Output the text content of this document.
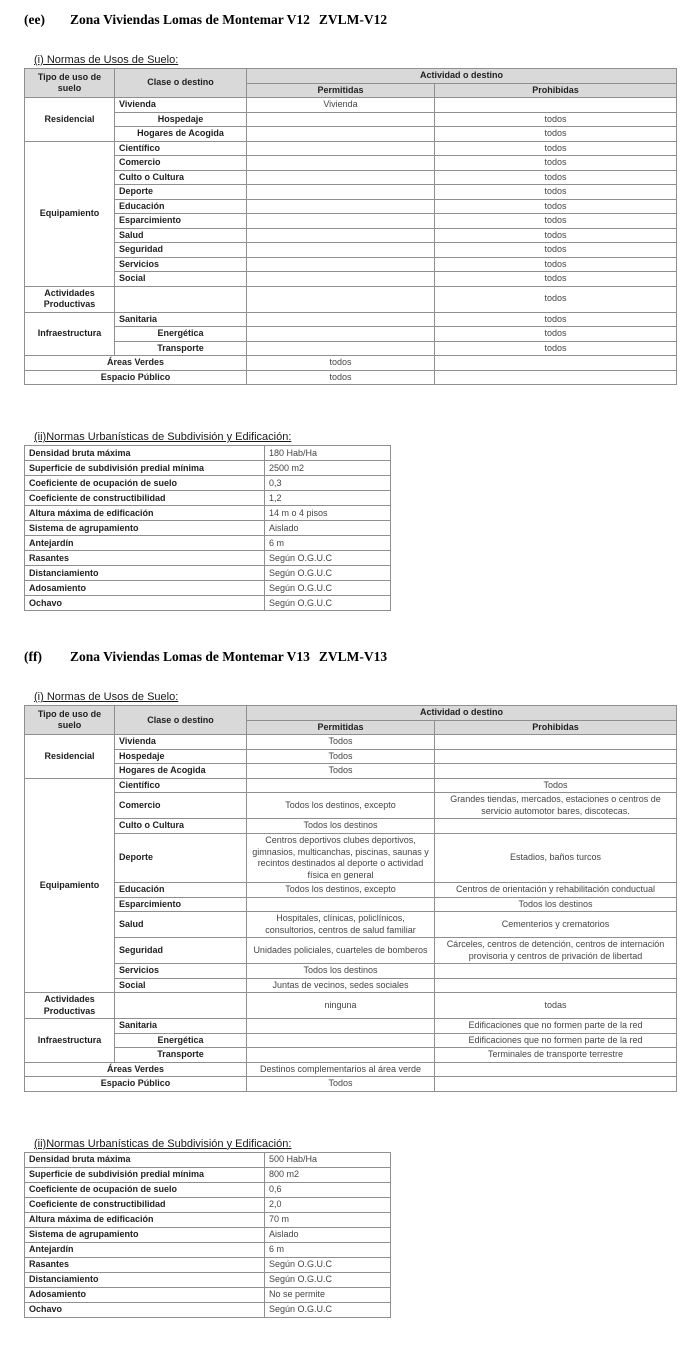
(ee)	Zona Viviendas Lomas de Montemar V12 ZVLM-V12
(i) Normas de Usos de Suelo:
Tipo de uso de suelo	Clase o destino	Actividad o destino	
		Permitidas	Prohibidas
Residencial	Vivienda	Vivienda	
	Hospedaje		todos
	Hogares de Acogida		todos
Equipamiento	Científico		todos
	Comercio		todos
	Culto o Cultura		todos
	Deporte		todos
	Educación		todos
	Esparcimiento		todos
	Salud		todos
	Seguridad		todos
	Servicios		todos
	Social		todos
Actividades Productivas			todos
Infraestructura	Sanitaria		todos
	Energética		todos
	Transporte		todos
Áreas Verdes		todos	
Espacio Público		todos	
(ii)Normas Urbanísticas de Subdivisión y Edificación:
Densidad bruta máxima	180 Hab/Ha
Superficie de subdivisión predial mínima	2500 m2
Coeficiente de ocupación de suelo	0,3
Coeficiente de constructibilidad	1,2
Altura máxima de edificación	14 m o 4 pisos
Sistema de agrupamiento	Aislado
Antejardín	6 m
Rasantes	Según O.G.U.C
Distanciamiento	Según O.G.U.C
Adosamiento	Según O.G.U.C
Ochavo	Según O.G.U.C
(ff)	Zona Viviendas Lomas de Montemar V13 ZVLM-V13
(i) Normas de Usos de Suelo:
Tipo de uso de suelo	Clase o destino	Actividad o destino	
		Permitidas	Prohibidas
Residencial	Vivienda	Todos	
	Hospedaje	Todos	
	Hogares de Acogida	Todos	
Equipamiento	Científico		Todos
	Comercio	Todos los destinos, excepto	Grandes tiendas, mercados, estaciones o centros de servicio automotor bares, discotecas.
	Culto o Cultura	Todos los destinos	
	Deporte	Centros deportivos clubes deportivos, gimnasios, multicanchas, piscinas, saunas y recintos destinados al deporte o actividad física en general	Estadios, baños turcos
	Educación	Todos los destinos, excepto	Centros de orientación y rehabilitación conductual
	Esparcimiento		Todos los destinos
	Salud	Hospitales, clínicas, policlínicos, consultorios, centros de salud familiar	Cementerios y crematorios
	Seguridad	Unidades policiales, cuarteles de bomberos	Cárceles, centros de detención, centros de internación provisoria y centros de privación de libertad
	Servicios	Todos los destinos	
	Social	Juntas de vecinos, sedes sociales	
Actividades Productivas		ninguna	todas
Infraestructura	Sanitaria		Edificaciones que no formen parte de la red
	Energética		Edificaciones que no formen parte de la red
	Transporte		Terminales de transporte terrestre
Áreas Verdes		Destinos complementarios al área verde	
Espacio Público		Todos	
(ii)Normas Urbanísticas de Subdivisión y Edificación:
Densidad bruta máxima	500 Hab/Ha
Superficie de subdivisión predial mínima	800 m2
Coeficiente de ocupación de suelo	0,6
Coeficiente de constructibilidad	2,0
Altura máxima de edificación	70 m
Sistema de agrupamiento	Aislado
Antejardín	6 m
Rasantes	Según O.G.U.C
Distanciamiento	Según O.G.U.C
Adosamiento	No se permite
Ochavo	Según O.G.U.C
